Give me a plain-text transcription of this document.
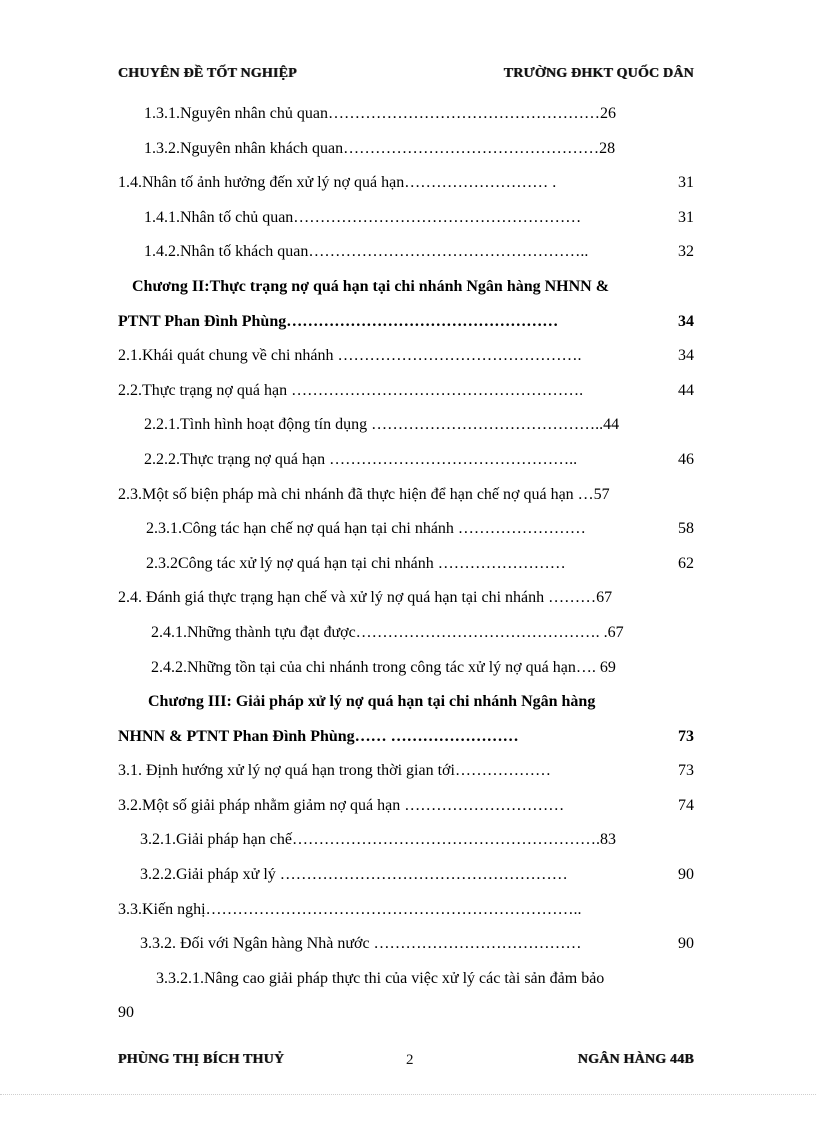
CHUYÊN ĐỀ TỐT NGHIỆP	TRƯỜNG ĐHKT QUỐC DÂN
1.3.1.Nguyên nhân chủ quan……………………………………………26
1.3.2.Nguyên nhân khách quan…………………………………………28
1.4.Nhân tố ảnh hưởng đến xử lý nợ quá hạn……………………… .	31
1.4.1.Nhân tố chủ quan………………………………………………	31
1.4.2.Nhân tố khách quan……………………………………………..	32
Chương II:Thực trạng nợ quá hạn tại chi nhánh Ngân hàng NHNN &
PTNT Phan Đình Phùng……………………………………………	34
2.1.Khái quát chung về chi nhánh ……………………………………….	34
2.2.Thực trạng nợ quá hạn ……………………………………………….	44
2.2.1.Tình hình hoạt động tín dụng ……………………………………..44
2.2.2.Thực trạng nợ quá hạn ………………………………………..	46
2.3.Một số biện pháp mà chi nhánh đã thực hiện để hạn chế nợ quá hạn …57
2.3.1.Công tác hạn chế nợ quá hạn tại chi nhánh ……………………	58
2.3.2Công tác xử lý nợ quá hạn tại chi nhánh ……………………	62
2.4. Đánh giá thực trạng hạn chế và xử lý nợ quá hạn tại chi nhánh ………67
2.4.1.Những thành tựu đạt được………………………………………. .67
2.4.2.Những tồn tại của chi nhánh trong công tác xử lý nợ quá hạn…. 69
Chương III: Giải pháp xử lý nợ quá hạn tại chi nhánh Ngân hàng
NHNN & PTNT Phan Đình Phùng…… ……………………	73
3.1. Định hướng xử lý nợ quá hạn trong thời gian tới………………	73
3.2.Một số giải pháp nhằm giảm nợ quá hạn …………………………	74
3.2.1.Giải pháp hạn chế………………………………………………….83
3.2.2.Giải pháp xử lý ………………………………………………	90
3.3.Kiến nghị……………………………………………………………..
3.3.2. Đối với Ngân hàng Nhà nước …………………………………	90
3.3.2.1.Nâng cao giải pháp thực thi của việc xử lý các tài sản đảm bảo
90
PHÙNG THỊ BÍCH THUỶ	2	NGÂN HÀNG 44B
